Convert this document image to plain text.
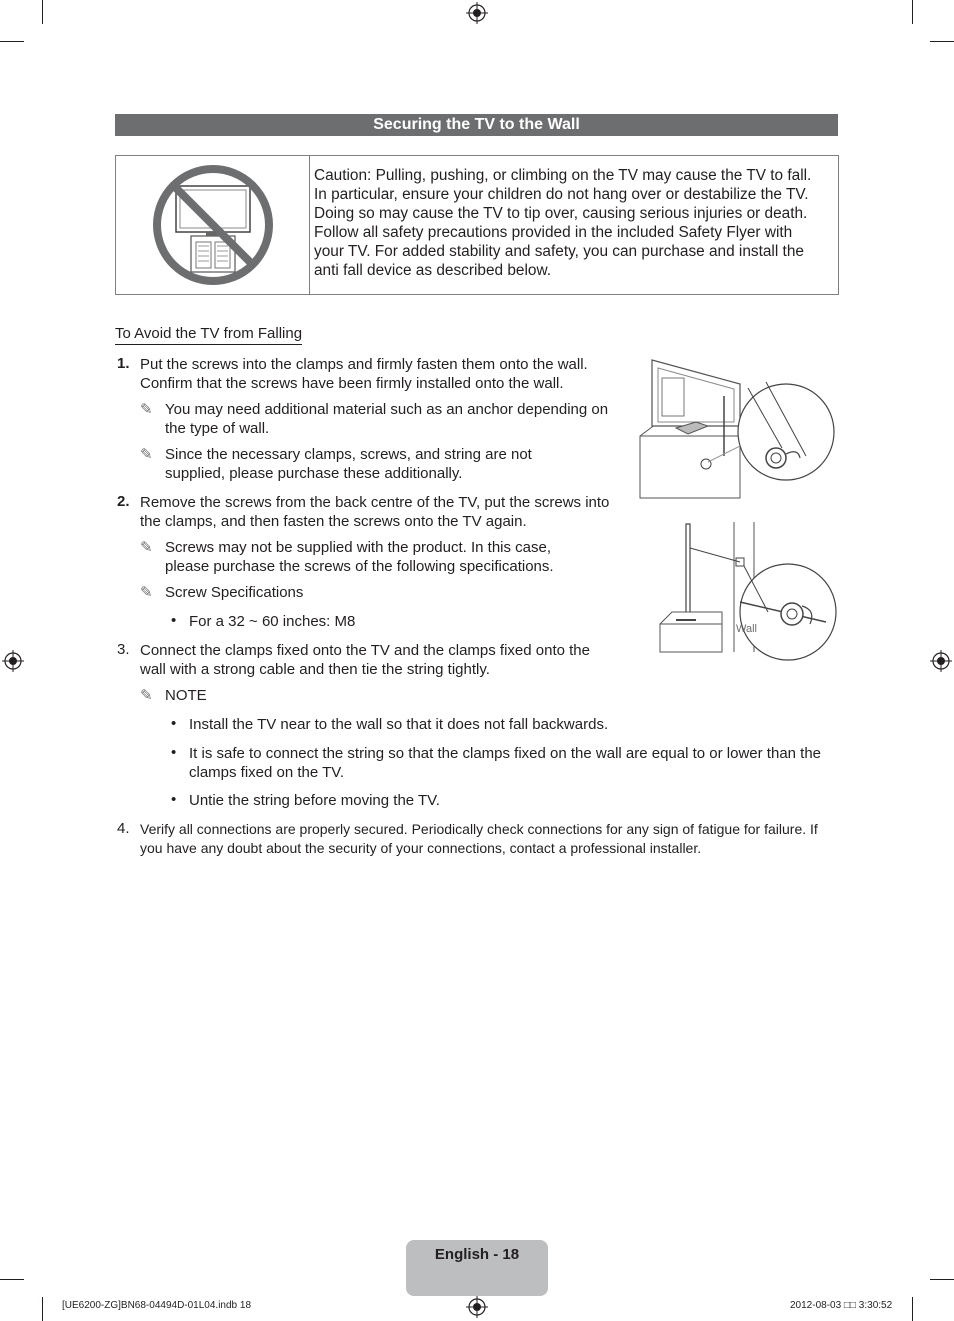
Securing the TV to the Wall
Caution: Pulling, pushing, or climbing on the TV may cause the TV to fall. In particular, ensure your children do not hang over or destabilize the TV. Doing so may cause the TV to tip over, causing serious injuries or death. Follow all safety precautions provided in the included Safety Flyer with your TV. For added stability and safety, you can purchase and install the anti fall device as described below.
To Avoid the TV from Falling
1. Put the screws into the clamps and firmly fasten them onto the wall. Confirm that the screws have been firmly installed onto the wall.
✎ You may need additional material such as an anchor depending on the type of wall.
✎ Since the necessary clamps, screws, and string are not supplied, please purchase these additionally.
2. Remove the screws from the back centre of the TV, put the screws into the clamps, and then fasten the screws onto the TV again.
✎ Screws may not be supplied with the product. In this case, please purchase the screws of the following specifications.
✎ Screw Specifications
• For a 32 ~ 60 inches: M8
3. Connect the clamps fixed onto the TV and the clamps fixed onto the wall with a strong cable and then tie the string tightly.
✎ NOTE
• Install the TV near to the wall so that it does not fall backwards.
• It is safe to connect the string so that the clamps fixed on the wall are equal to or lower than the clamps fixed on the TV.
• Untie the string before moving the TV.
4. Verify all connections are properly secured. Periodically check connections for any sign of fatigue for failure. If you have any doubt about the security of your connections, contact a professional installer.
Wall
English - 18
[UE6200-ZG]BN68-04494D-01L04.indb 18	2012-08-03 □□ 3:30:52
